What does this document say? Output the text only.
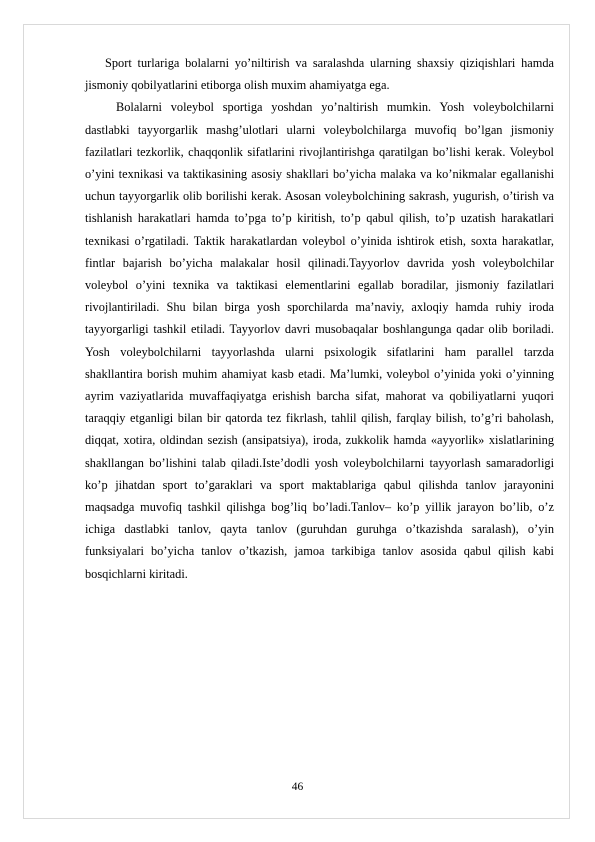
Sport turlariga bolalarni yo’niltirish va saralashda ularning shaxsiy qiziqishlari hamda jismoniy qobilyatlarini etiborga olish muxim ahamiyatga ega.

Bolalarni voleybol sportiga yoshdan yo’naltirish mumkin. Yosh voleybolchilarni dastlabki tayyorgarlik mashg’ulotlari ularni voleybolchilarga muvofiq bo’lgan jismoniy fazilatlari tezkorlik, chaqqonlik sifatlarini rivojlantirishga qaratilgan bo’lishi kerak. Voleybol o’yini texnikasi va taktikasining asosiy shakllari bo’yicha malaka va ko’nikmalar egallanishi uchun tayyorgarlik olib borilishi kerak. Asosan voleybolchining sakrash, yugurish, o’tirish va tishlanish harakatlari hamda to’pga to’p kiritish, to’p qabul qilish, to’p uzatish harakatlari texnikasi o’rgatiladi. Taktik harakatlardan voleybol o’yinida ishtirok etish, soxta harakatlar, fintlar bajarish bo’yicha malakalar hosil qilinadi.Tayyorlov davrida yosh voleybolchilar voleybol o’yini texnika va taktikasi elementlarini egallab boradilar, jismoniy fazilatlari rivojlantiriladi. Shu bilan birga yosh sporchilarda ma’naviy, axloqiy hamda ruhiy iroda tayyorgarligi tashkil etiladi. Tayyorlov davri musobaqalar boshlangunga qadar olib boriladi. Yosh voleybolchilarni tayyorlashda ularni psixologik sifatlarini ham parallel tarzda shakllantira borish muhim ahamiyat kasb etadi. Ma’lumki, voleybol o’yinida yoki o’yinning ayrim vaziyatlarida muvaffaqiyatga erishish barcha sifat, mahorat va qobiliyatlarni yuqori taraqqiy etganligi bilan bir qatorda tez fikrlash, tahlil qilish, farqlay bilish, to’g’ri baholash, diqqat, xotira, oldindan sezish (ansipatsiya), iroda, zukkolik hamda «ayyorlik» xislatlarining shakllangan bo’lishini talab qiladi.Iste’dodli yosh voleybolchilarni tayyorlash samaradorligi ko’p jihatdan sport to’garaklari va sport maktablariga qabul qilishda tanlov jarayonini maqsadga muvofiq tashkil qilishga bog’liq bo’ladi.Tanlov– ko’p yillik jarayon bo’lib, o’z ichiga dastlabki tanlov, qayta tanlov (guruhdan guruhga o’tkazishda saralash), o’yin funksiyalari bo’yicha tanlov o’tkazish, jamoa tarkibiga tanlov asosida qabul qilish kabi bosqichlarni kiritadi.

46
